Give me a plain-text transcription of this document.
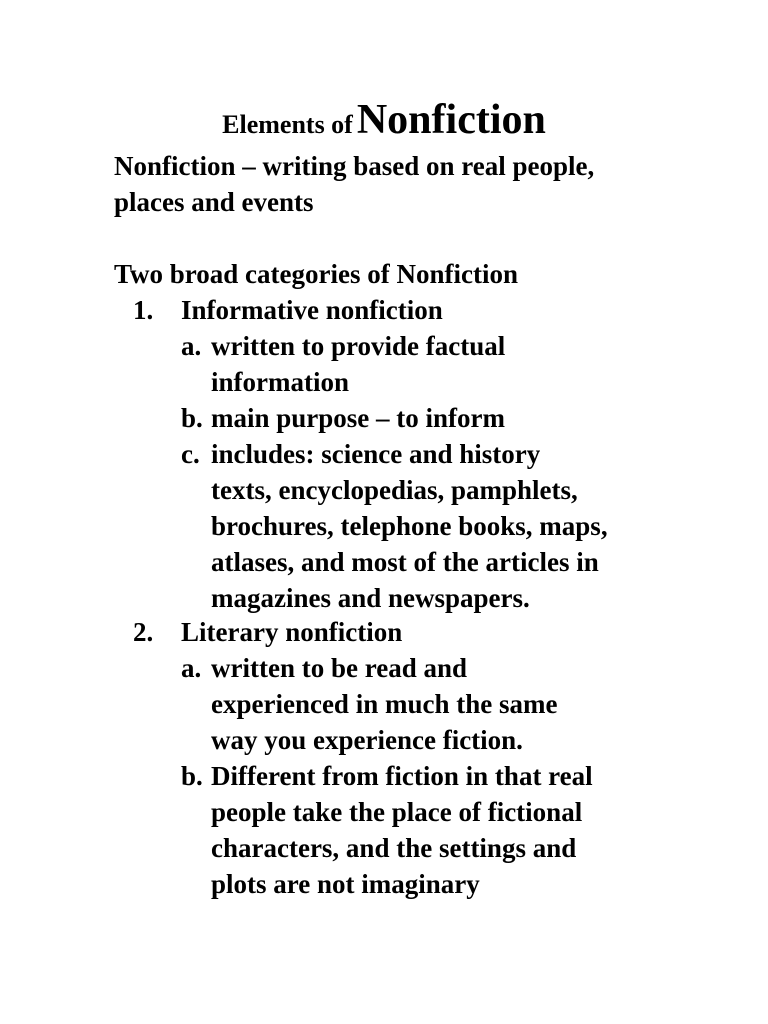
Elements of Nonfiction
Nonfiction – writing based on real people,
places and events
Two broad categories of Nonfiction
1. Informative nonfiction
a. written to provide factual
information
b. main purpose – to inform
c. includes: science and history
texts, encyclopedias, pamphlets,
brochures, telephone books, maps,
atlases, and most of the articles in
magazines and newspapers.
2. Literary nonfiction
a. written to be read and
experienced in much the same
way you experience fiction.
b. Different from fiction in that real
people take the place of fictional
characters, and the settings and
plots are not imaginary
